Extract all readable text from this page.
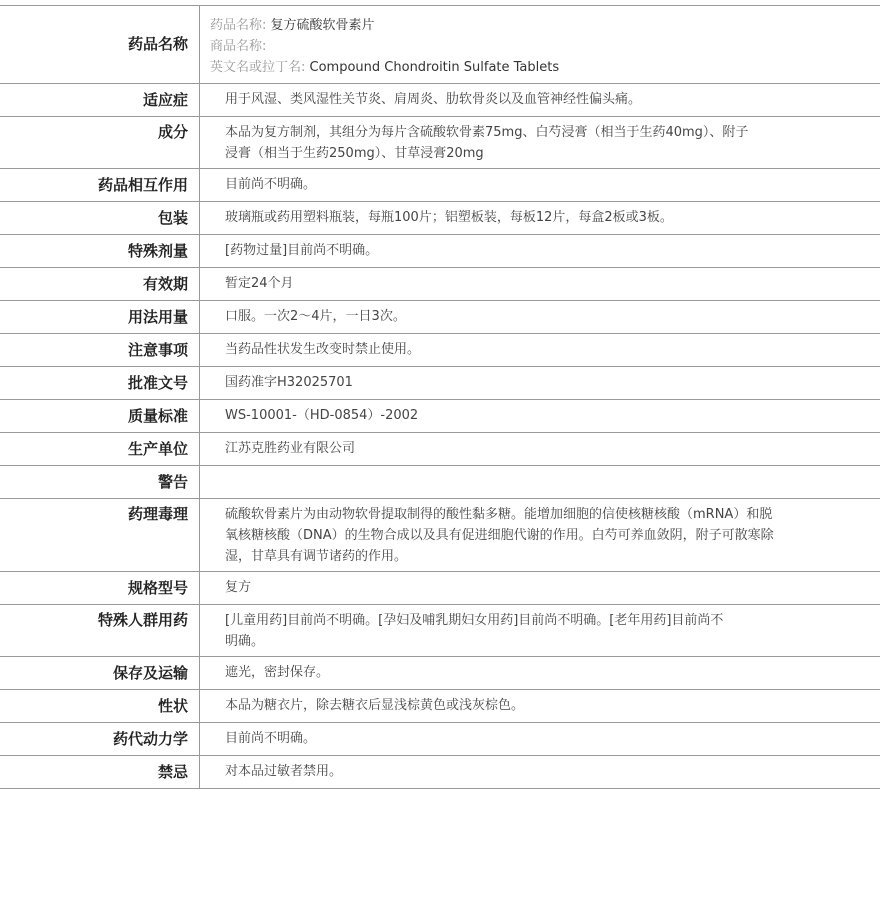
药品名称
药品名称: 复方硫酸软骨素片
商品名称:
英文名或拉丁名: Compound Chondroitin Sulfate Tablets
适应症	用于风湿、类风湿性关节炎、肩周炎、肋软骨炎以及血管神经性偏头痛。
成分	本品为复方制剂，其组分为每片含硫酸软骨素75mg、白芍浸膏（相当于生药40mg）、附子浸膏（相当于生药250mg）、甘草浸膏20mg
药品相互作用	目前尚不明确。
包装	玻璃瓶或药用塑料瓶装，每瓶100片；铝塑板装，每板12片，每盒2板或3板。
特殊剂量	[药物过量]目前尚不明确。
有效期	暂定24个月
用法用量	口服。一次2～4片，一日3次。
注意事项	当药品性状发生改变时禁止使用。
批准文号	国药准字H32025701
质量标准	WS-10001-（HD-0854）-2002
生产单位	江苏克胜药业有限公司
警告
药理毒理	硫酸软骨素片为由动物软骨提取制得的酸性黏多糖。能增加细胞的信使核糖核酸（mRNA）和脱氧核糖核酸（DNA）的生物合成以及具有促进细胞代谢的作用。白芍可养血敛阴，附子可散寒除湿，甘草具有调节诸药的作用。
规格型号	复方
特殊人群用药	[儿童用药]目前尚不明确。[孕妇及哺乳期妇女用药]目前尚不明确。[老年用药]目前尚不明确。
保存及运输	遮光，密封保存。
性状	本品为糖衣片，除去糖衣后显浅棕黄色或浅灰棕色。
药代动力学	目前尚不明确。
禁忌	对本品过敏者禁用。
